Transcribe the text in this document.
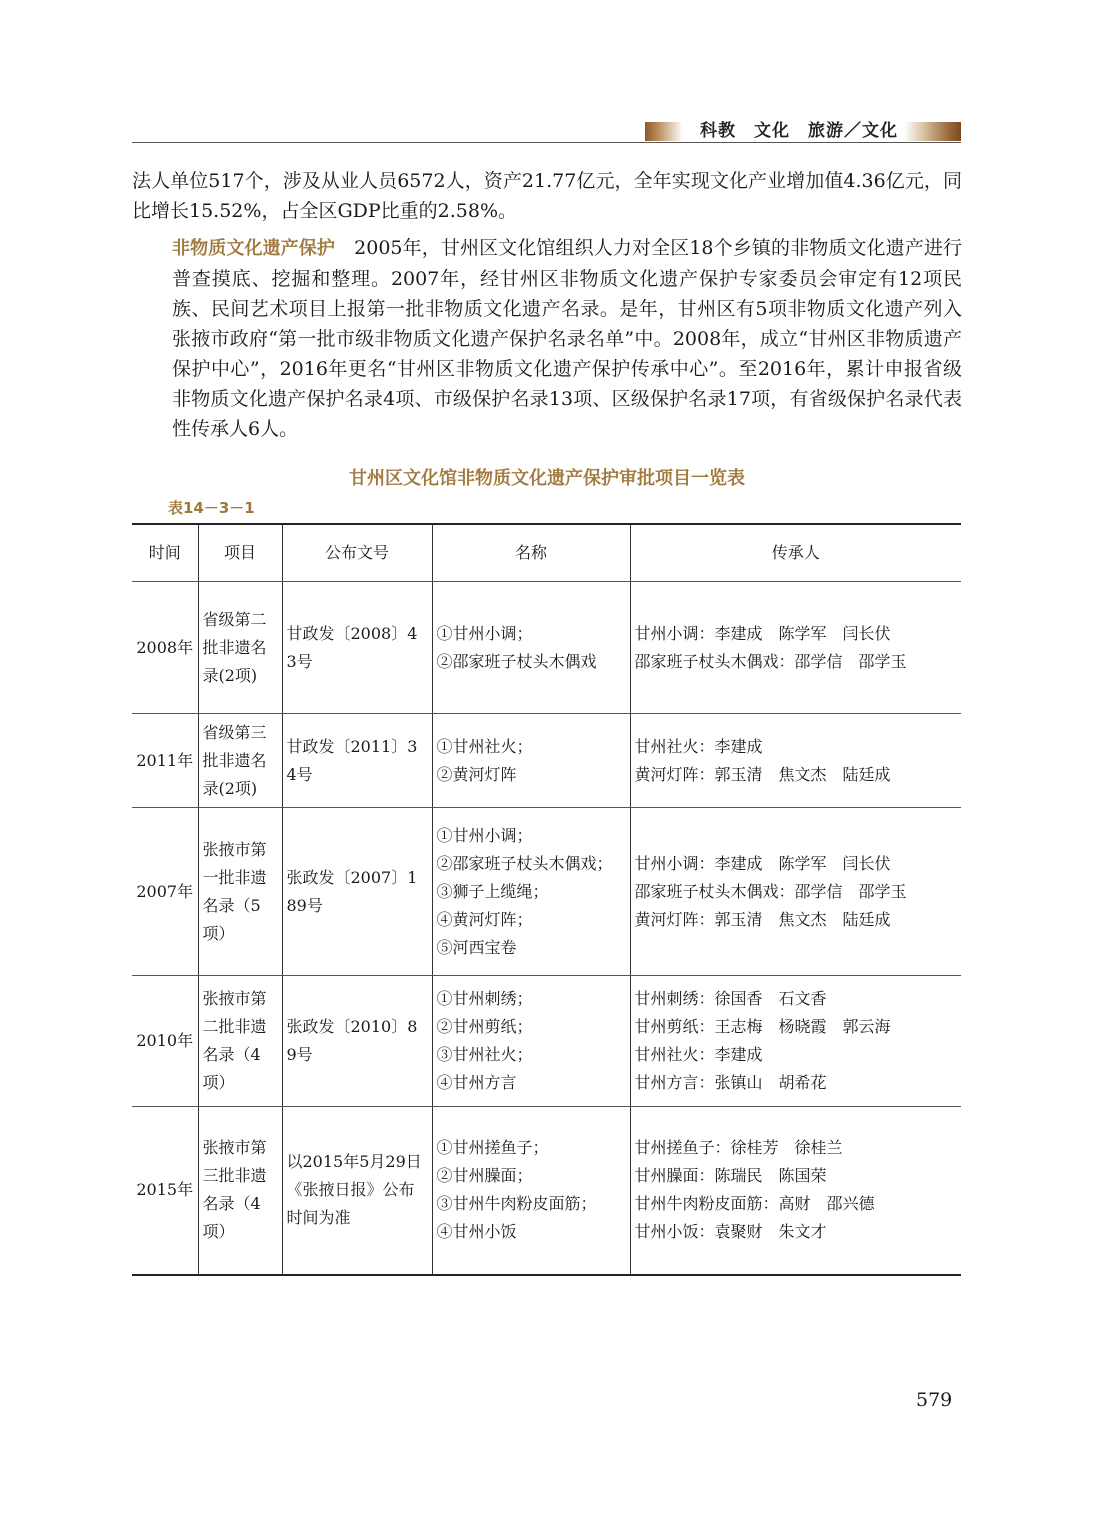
科教　文化　旅游／文化

法人单位517个，涉及从业人员6572人，资产21.77亿元，全年实现文化产业增加值4.36亿元，同比增长15.52%，占全区GDP比重的2.58%。

非物质文化遗产保护　2005年，甘州区文化馆组织人力对全区18个乡镇的非物质文化遗产进行普查摸底、挖掘和整理。2007年，经甘州区非物质文化遗产保护专家委员会审定有12项民族、民间艺术项目上报第一批非物质文化遗产名录。是年，甘州区有5项非物质文化遗产列入张掖市政府“第一批市级非物质文化遗产保护名录名单”中。2008年，成立“甘州区非物质遗产保护中心”，2016年更名“甘州区非物质文化遗产保护传承中心”。至2016年，累计申报省级非物质文化遗产保护名录4项、市级保护名录13项、区级保护名录17项，有省级保护名录代表性传承人6人。

甘州区文化馆非物质文化遗产保护审批项目一览表
表14－3－1
时间	项目	公布文号	名称	传承人
2008年	省级第二批非遗名录(2项)	甘政发〔2008〕43号	①甘州小调；
②邵家班子杖头木偶戏	甘州小调：李建成　陈学军　闫长伏
邵家班子杖头木偶戏：邵学信　邵学玉

2011年	省级第三批非遗名录(2项)	甘政发〔2011〕34号	①甘州社火；
②黄河灯阵	甘州社火：李建成
黄河灯阵：郭玉清　焦文杰　陆廷成

2007年	张掖市第一批非遗名录（5项）	张政发〔2007〕189号	①甘州小调；
②邵家班子杖头木偶戏；
③狮子上缆绳；
④黄河灯阵；
⑤河西宝卷	甘州小调：李建成　陈学军　闫长伏
邵家班子杖头木偶戏：邵学信　邵学玉
黄河灯阵：郭玉清　焦文杰　陆廷成

2010年	张掖市第二批非遗名录（4项）	张政发〔2010〕89号	①甘州刺绣；
②甘州剪纸；
③甘州社火；
④甘州方言	甘州刺绣：徐国香　石文香
甘州剪纸：王志梅　杨晓霞　郭云海
甘州社火：李建成
甘州方言：张镇山　胡希花

2015年	张掖市第三批非遗名录（4项）	以2015年5月29日《张掖日报》公布时间为准	①甘州搓鱼子；
②甘州臊面；
③甘州牛肉粉皮面筋；
④甘州小饭	甘州搓鱼子：徐桂芳　徐桂兰
甘州臊面：陈瑞民　陈国荣
甘州牛肉粉皮面筋：高财　邵兴德
甘州小饭：袁聚财　朱文才
579
